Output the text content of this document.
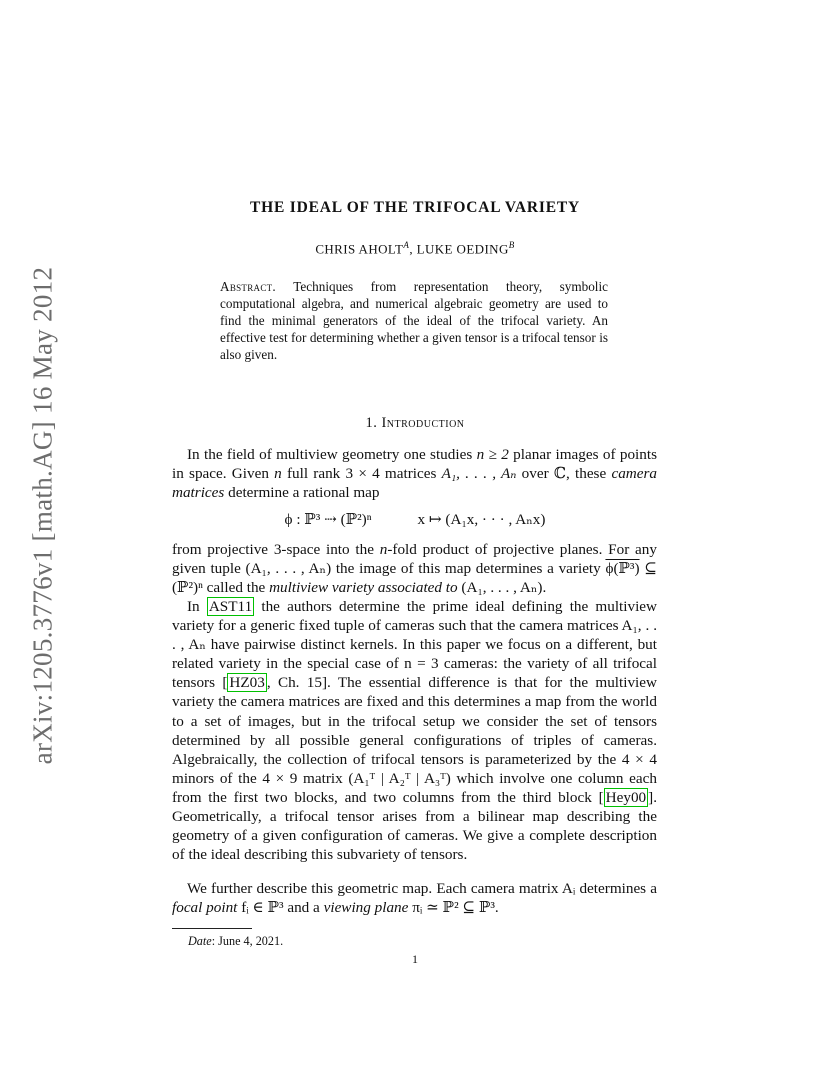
arXiv:1205.3776v1 [math.AG] 16 May 2012
THE IDEAL OF THE TRIFOCAL VARIETY
CHRIS $AHOLT^A$, LUKE $OEDING^B$
Abstract. Techniques from representation theory, symbolic computational algebra, and numerical algebraic geometry are used to find the minimal generators of the ideal of the trifocal variety. An effective test for determining whether a given tensor is a trifocal tensor is also given.
1. Introduction
In the field of multiview geometry one studies n ≥ 2 planar images of points in space. Given n full rank 3 × 4 matrices A₁, . . . , Aₙ over ℂ, these camera matrices determine a rational map
ϕ : ℙ³ ⇢ (ℙ²)ⁿ	x ↦ (A₁x, · · · , Aₙx)
from projective 3-space into the n-fold product of projective planes. For any given tuple (A₁, . . . , Aₙ) the image of this map determines a variety ϕ(ℙ³) ⊆ (ℙ²)ⁿ called the multiview variety associated to (A₁, . . . , Aₙ).
In AST11 the authors determine the prime ideal defining the multiview variety for a generic fixed tuple of cameras such that the camera matrices A₁, . . . , Aₙ have pairwise distinct kernels. In this paper we focus on a different, but related variety in the special case of n = 3 cameras: the variety of all trifocal tensors [ HZ03 , Ch. 15]. The essential difference is that for the multiview variety the camera matrices are fixed and this determines a map from the world to a set of images, but in the trifocal setup we consider the set of tensors determined by all possible general configurations of triples of cameras. Algebraically, the collection of trifocal tensors is parameterized by the 4 × 4 minors of the 4 × 9 matrix (A₁ᵀ | A₂ᵀ | A₃ᵀ) which involve one column each from the first two blocks, and two columns from the third block [ Hey00 ]. Geometrically, a trifocal tensor arises from a bilinear map describing the geometry of a given configuration of cameras. We give a complete description of the ideal describing this subvariety of tensors.
We further describe this geometric map. Each camera matrix Aᵢ determines a focal point fᵢ ∈ ℙ³ and a viewing plane πᵢ ≃ ℙ² ⊆ ℙ³.
Date: June 4, 2021.
1
